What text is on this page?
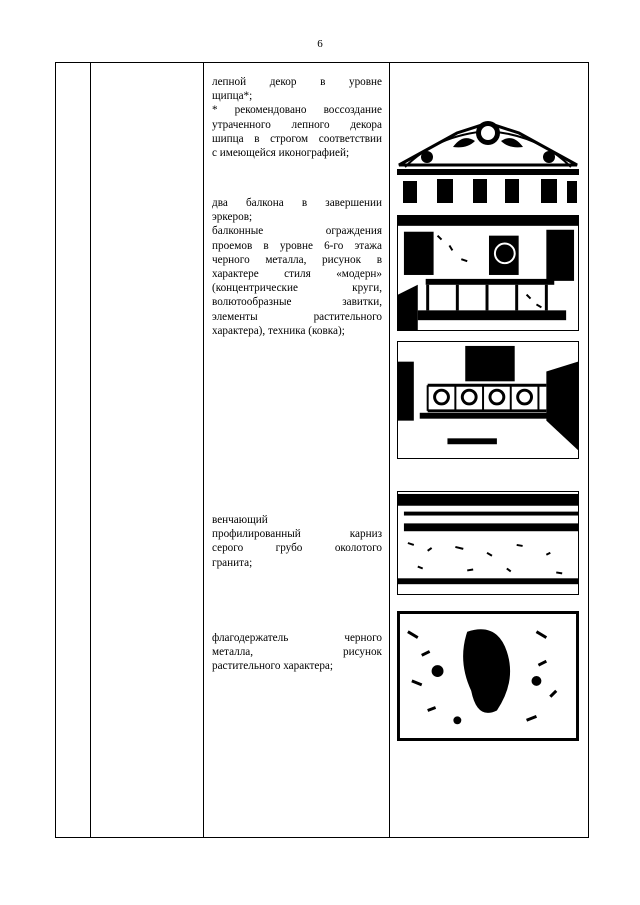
6
лепной декор в уровне
щипца*;
* рекомендовано воссоздание
утраченного лепного декора
шипца в строгом соответствии
с имеющейся иконографией;
два балкона в завершении
эркеров;
балконные ограждения
проемов в уровне 6-го этажа
черного металла, рисунок в
характере стиля «модерн»
(концентрические круги,
волютообразные завитки,
элементы растительного
характера), техника (ковка);
венчающий
профилированный карниз
серого грубо околотого
гранита;
флагодержатель черного
металла, рисунок
растительного характера;
